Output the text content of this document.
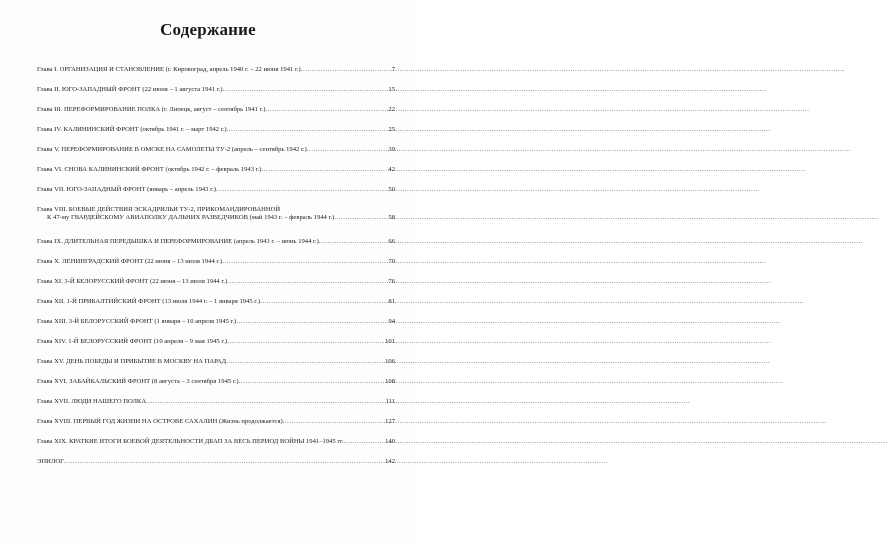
Содержание
Глава I. ОРГАНИЗАЦИЯ И СТАНОВЛЕНИЕ (г. Кировоград, апрель 1940 г. – 22 июня 1941 г.) .....	7
Глава II. ЮГО-ЗАПАДНЫЙ ФРОНТ (22 июня – 1 августа 1941 г.) .....	15
Глава III. ПЕРЕФОРМИРОВАНИЕ ПОЛКА (г. Липецк, август – сентябрь 1941 г.) .....	22
Глава IV. КАЛИНИНСКИЙ ФРОНТ (октябрь 1941 г. – март 1942 г.) .....	25
Глава V. ПЕРЕФОРМИРОВАНИЕ В ОМСКЕ НА САМОЛЕТЫ ТУ-2 (апрель – сентябрь 1942 г.) .....	39
Глава VI. СНОВА КАЛИНИНСКИЙ ФРОНТ (октябрь 1942 г. – февраль 1943 г.) .....	42
Глава VII. ЮГО-ЗАПАДНЫЙ ФРОНТ (январь – апрель 1943 г.) .....	50
Глава VIII. БОЕВЫЕ ДЕЙСТВИЯ ЭСКАДРИЛЬИ ТУ-2, ПРИКОМАНДИРОВАННОЙ
К 47-му ГВАРДЕЙСКОМУ АВИАПОЛКУ ДАЛЬНИХ РАЗВЕДЧИКОВ (май 1943 г. – февраль 1944 г.) .....	58
Глава IX. ДЛИТЕЛЬНАЯ ПЕРЕДЫШКА И ПЕРЕФОРМИРОВАНИЕ (апрель 1943 г. – июнь 1944 г.) .....	66
Глава X. ЛЕНИНГРАДСКИЙ ФРОНТ (22 июня – 13 июля 1944 г.) .....	70
Глава XI. 3-Й БЕЛОРУССКИЙ ФРОНТ (22 июня – 13 июля 1944 г.) .....	76
Глава XII. 1-Й ПРИБАЛТИЙСКИЙ ФРОНТ (13 июля 1944 г. – 1 января 1945 г.) .....	81
Глава XIII. 3-Й БЕЛОРУССКИЙ ФРОНТ (1 января – 10 апреля 1945 г.) .....	94
Глава XIV. 1-Й БЕЛОРУССКИЙ ФРОНТ (10 апреля – 9 мая 1945 г.) .....	101
Глава XV. ДЕНЬ ПОБЕДЫ И ПРИБЫТИЕ В МОСКВУ НА ПАРАД .....	106
Глава XVI. ЗАБАЙКАЛЬСКИЙ ФРОНТ (8 августа – 3 сентября 1945 г.) .....	108
Глава XVII. ЛЮДИ НАШЕГО ПОЛКА .....	111
Глава XVIII. ПЕРВЫЙ ГОД ЖИЗНИ НА ОСТРОВЕ САХАЛИН (Жизнь продолжается) .....	127
Глава XIX. КРАТКИЕ ИТОГИ БОЕВОЙ ДЕЯТЕЛЬНОСТИ ДБАП ЗА ВЕСЬ ПЕРИОД ВОЙНЫ 1941–1945 гг. .....	140
ЭПИЛОГ .....	142
